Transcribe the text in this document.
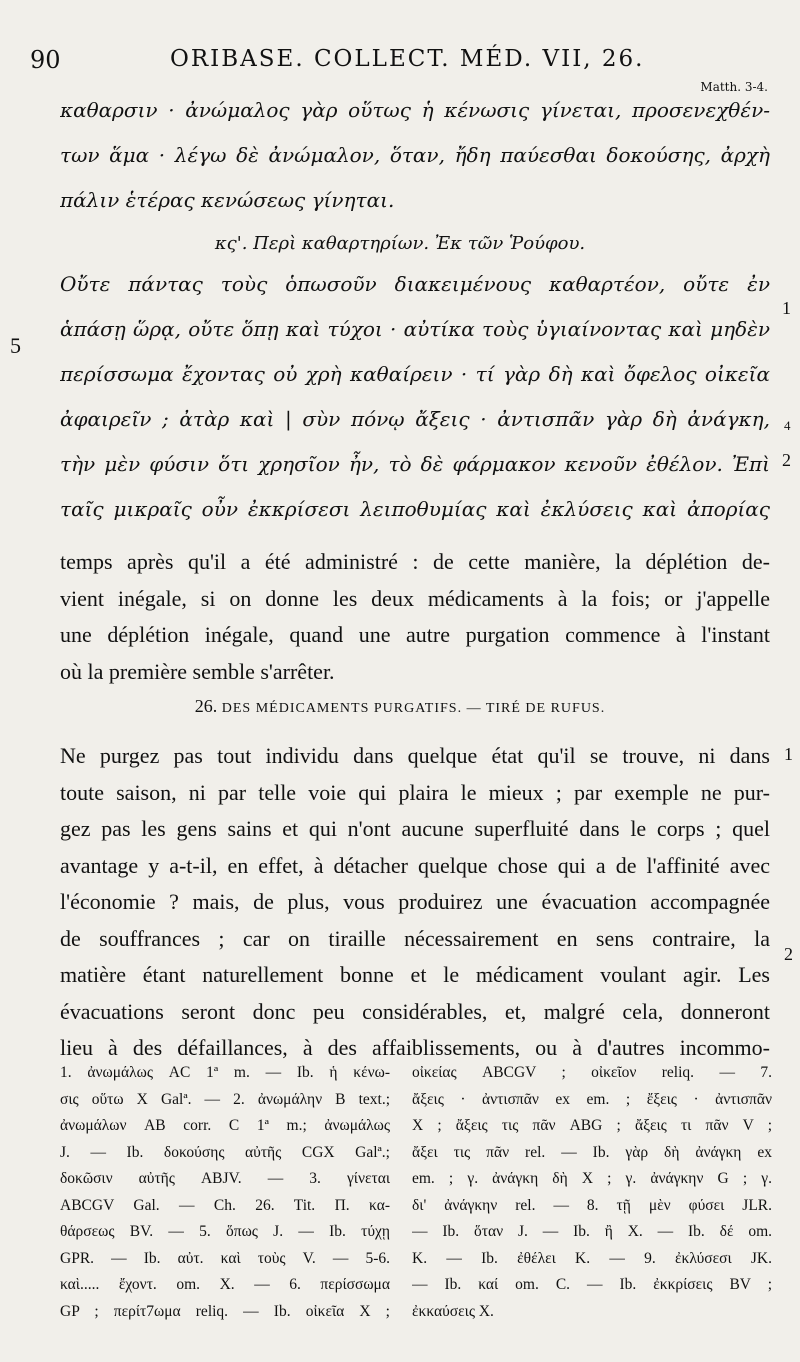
90	ORIBASE. COLLECT. MÉD. VII, 26.
Matth. 3-4.
καθαρσιν · ἀνώμαλος γὰρ οὕτως ἡ κένωσις γίνεται, προσενεχθέν-
των ἅμα · λέγω δὲ ἀνώμαλον, ὅταν, ἤδη παύεσθαι δοκούσης, ἀρχὴ
πάλιν ἑτέρας κενώσεως γίνηται.
κς'. Περὶ καθαρτηρίων. Ἐκ τῶν Ῥούφου.
Οὔτε πάντας τοὺς ὁπωσοῦν διακειμένους καθαρτέον, οὔτε ἐν
ἁπάσῃ ὥρᾳ, οὔτε ὅπῃ καὶ τύχοι · αὐτίκα τοὺς ὑγιαίνοντας καὶ μηδὲν
περίσσωμα ἔχοντας οὐ χρὴ καθαίρειν · τί γὰρ δὴ καὶ ὄφελος οἰκεῖα
ἀφαιρεῖν ; ἀτὰρ καὶ | σὺν πόνῳ ἄξεις · ἀντισπᾶν γὰρ δὴ ἀνάγκη,
τὴν μὲν φύσιν ὅτι χρησῖον ἦν, τὸ δὲ φάρμακον κενοῦν ἐθέλον. Ἐπὶ
ταῖς μικραῖς οὖν ἐκκρίσεσι λειποθυμίας καὶ ἐκλύσεις καὶ ἀπορίας
1
5
4
2
temps après qu'il a été administré : de cette manière, la déplétion de-
vient inégale, si on donne les deux médicaments à la fois; or j'appelle
une déplétion inégale, quand une autre purgation commence à l'instant
où la première semble s'arrêter.
26. DES MÉDICAMENTS PURGATIFS. — TIRÉ DE RUFUS.
Ne purgez pas tout individu dans quelque état qu'il se trouve, ni dans
toute saison, ni par telle voie qui plaira le mieux ; par exemple ne pur-
gez pas les gens sains et qui n'ont aucune superfluité dans le corps ; quel
avantage y a-t-il, en effet, à détacher quelque chose qui a de l'affinité avec
l'économie ? mais, de plus, vous produirez une évacuation accompagnée
de souffrances ; car on tiraille nécessairement en sens contraire, la
matière étant naturellement bonne et le médicament voulant agir. Les
évacuations seront donc peu considérables, et, malgré cela, donneront
lieu à des défaillances, à des affaiblissements, ou à d'autres incommo-
1
2
1. ἀνωμάλως AC 1ª m. — Ib. ἡ κένω-
σις οὕτω X Galª. — 2. ἀνωμάλην B text.;
ἀνωμάλων AB corr. C 1ª m.; ἀνωμάλως
J. — Ib. δοκούσης αὐτῆς CGX Galª.;
δοκῶσιν αὐτῆς ABJV. — 3. γίνεται
ABCGV Gal. — Ch. 26. Tit. Π. κα-
θάρσεως BV. — 5. ὅπως J. — Ib. τύχῃ
GPR. — Ib. αὐτ. καὶ τοὺς V. — 5-6.
καὶ..... ἔχοντ. om. X. — 6. περίσσωμα
GP ; περίτ7ωμα reliq. — Ib. οἰκεῖα X ;
οἰκείας ABCGV ; οἰκεῖον reliq. — 7.
ἄξεις · ἀντισπᾶν ex em. ; ἔξεις · ἀντισπᾶν
X ; ἄξεις τις πᾶν ABG ; ἄξεις τι πᾶν V ;
ἄξει τις πᾶν rel. — Ib. γὰρ δὴ ἀνάγκη ex
em. ; γ. ἀνάγκη δὴ X ; γ. ἀνάγκην G ; γ.
δι' ἀνάγκην rel. — 8. τῇ μὲν φύσει JLR.
— Ib. ὅταν J. — Ib. ἢ X. — Ib. δέ om.
K. — Ib. ἐθέλει K. — 9. ἐκλύσεσι JK.
— Ib. καί om. C. — Ib. ἐκκρίσεις BV ;
ἐκκαύσεις X.
